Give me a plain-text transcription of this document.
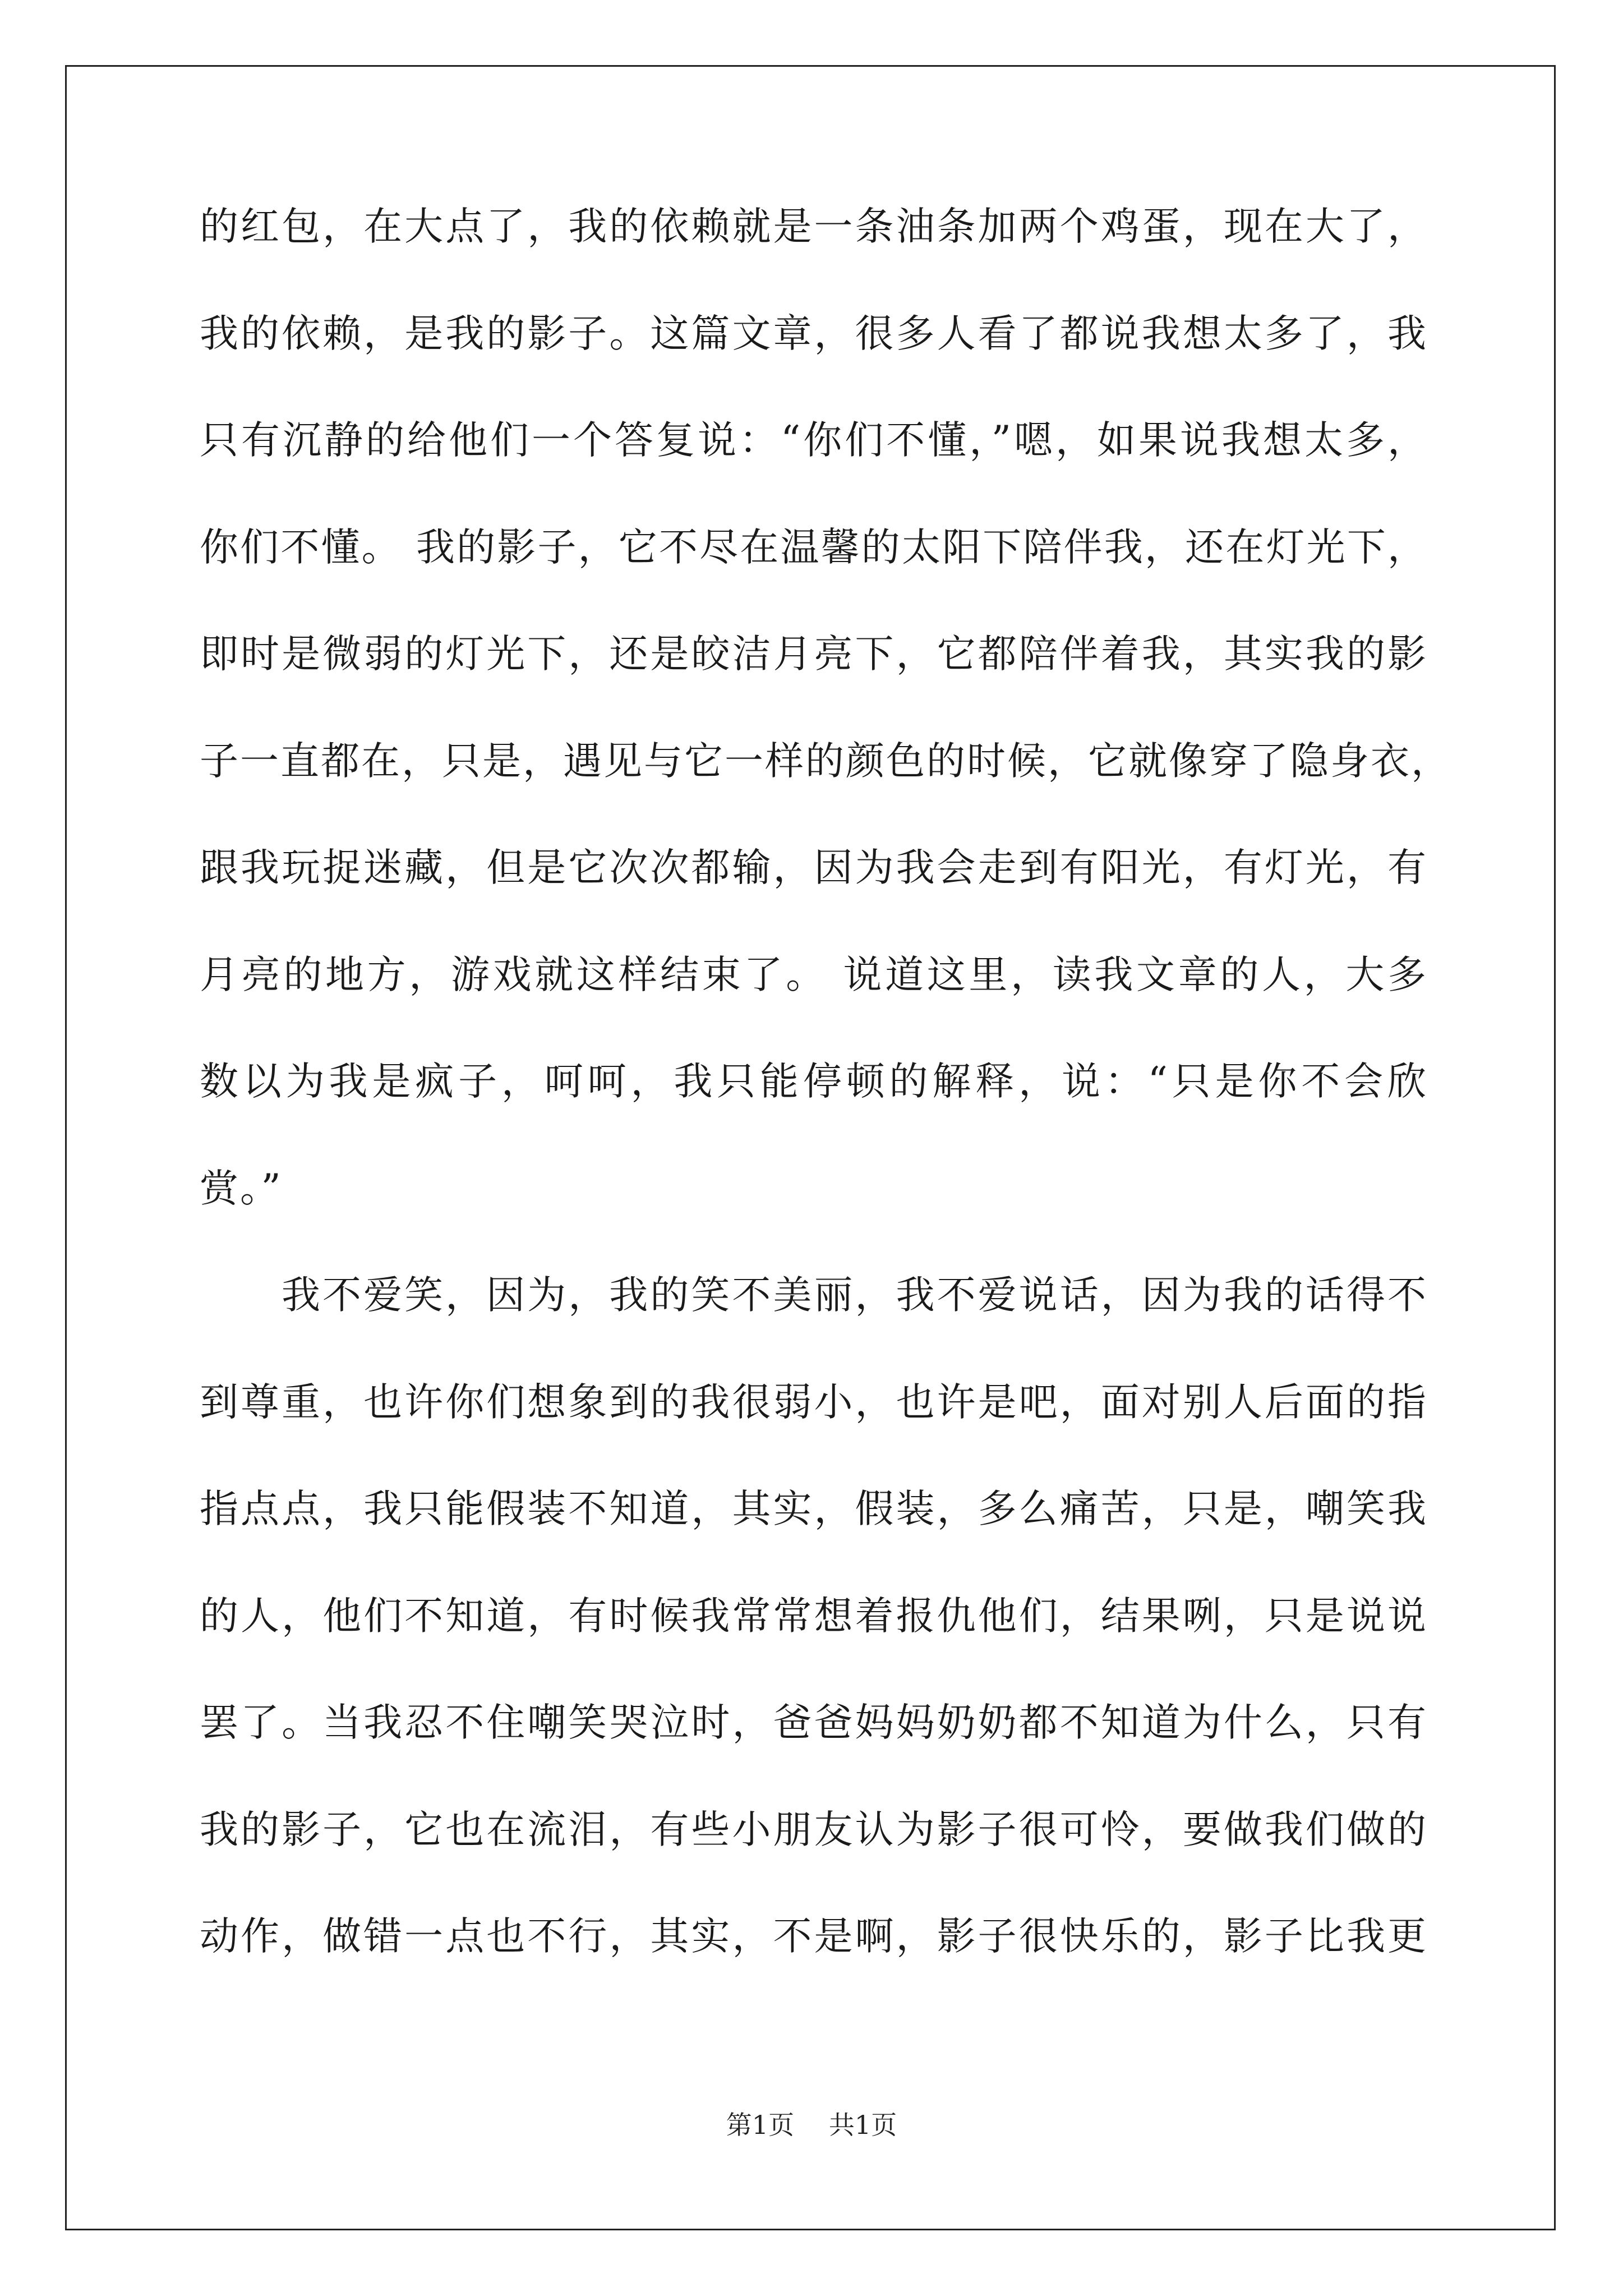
的红包，在大点了，我的依赖就是一条油条加两个鸡蛋，现在大了，
我的依赖，是我的影子。这篇文章，很多人看了都说我想太多了，我
只有沉静的给他们一个答复说：“你们不懂，”嗯，如果说我想太多，
你们不懂。 我的影子，它不尽在温馨的太阳下陪伴我，还在灯光下，
即时是微弱的灯光下，还是皎洁月亮下，它都陪伴着我，其实我的影
子一直都在，只是，遇见与它一样的颜色的时候，它就像穿了隐身衣，
跟我玩捉迷藏，但是它次次都输，因为我会走到有阳光，有灯光，有
月亮的地方，游戏就这样结束了。 说道这里，读我文章的人，大多
数以为我是疯子，呵呵，我只能停顿的解释，说：“只是你不会欣
赏。”
我不爱笑，因为，我的笑不美丽，我不爱说话，因为我的话得不
到尊重，也许你们想象到的我很弱小，也许是吧，面对别人后面的指
指点点，我只能假装不知道，其实，假装，多么痛苦，只是，嘲笑我
的人，他们不知道，有时候我常常想着报仇他们，结果咧，只是说说
罢了。当我忍不住嘲笑哭泣时，爸爸妈妈奶奶都不知道为什么，只有
我的影子，它也在流泪，有些小朋友认为影子很可怜，要做我们做的
动作，做错一点也不行，其实，不是啊，影子很快乐的，影子比我更
第1页   共1页
